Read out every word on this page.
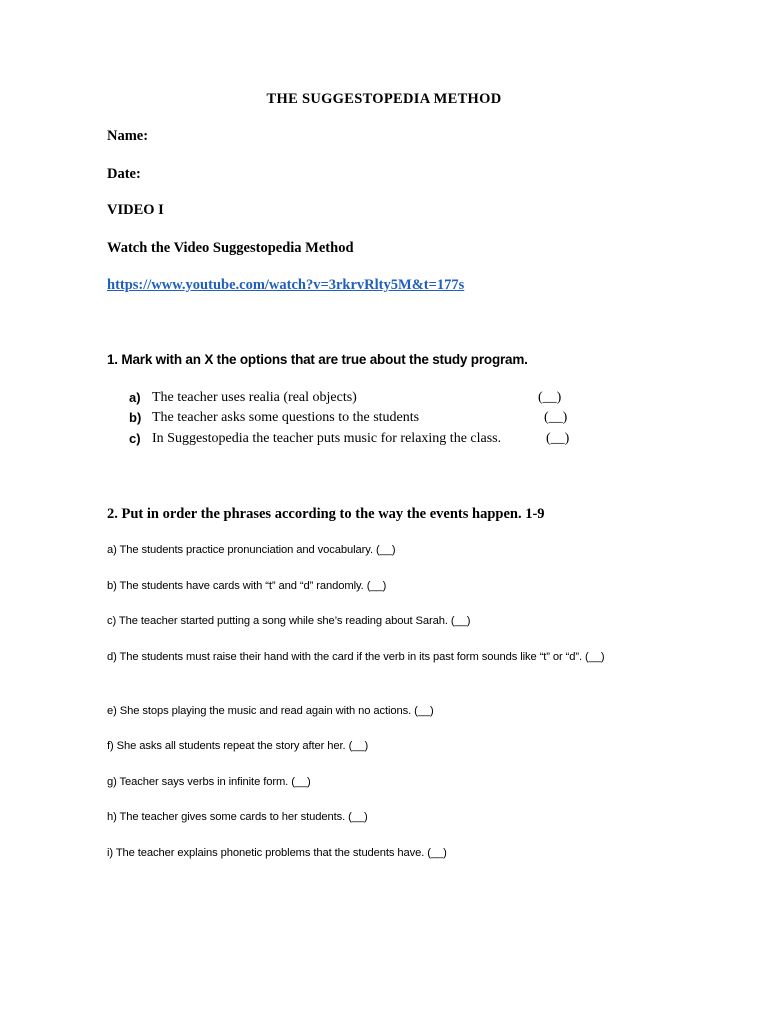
THE SUGGESTOPEDIA METHOD
Name:
Date:
VIDEO I
Watch the Video Suggestopedia Method
https://www.youtube.com/watch?v=3rkrvRlty5M&t=177s
1. Mark with an X the options that are true about the study program.
a) The teacher uses realia (real objects)	(__)
b) The teacher asks some questions to the students	(__)
c) In Suggestopedia the teacher puts music for relaxing the class.	(__)
2. Put in order the phrases according to the way the events happen. 1-9
a) The students practice pronunciation and vocabulary. (__)
b) The students have cards with “t” and “d” randomly. (__)
c) The teacher started putting a song while she’s reading about Sarah. (__)
d) The students must raise their hand with the card if the verb in its past form sounds like “t” or “d”. (__)
e) She stops playing the music and read again with no actions. (__)
f) She asks all students repeat the story after her. (__)
g) Teacher says verbs in infinite form. (__)
h) The teacher gives some cards to her students. (__)
i) The teacher explains phonetic problems that the students have. (__)
